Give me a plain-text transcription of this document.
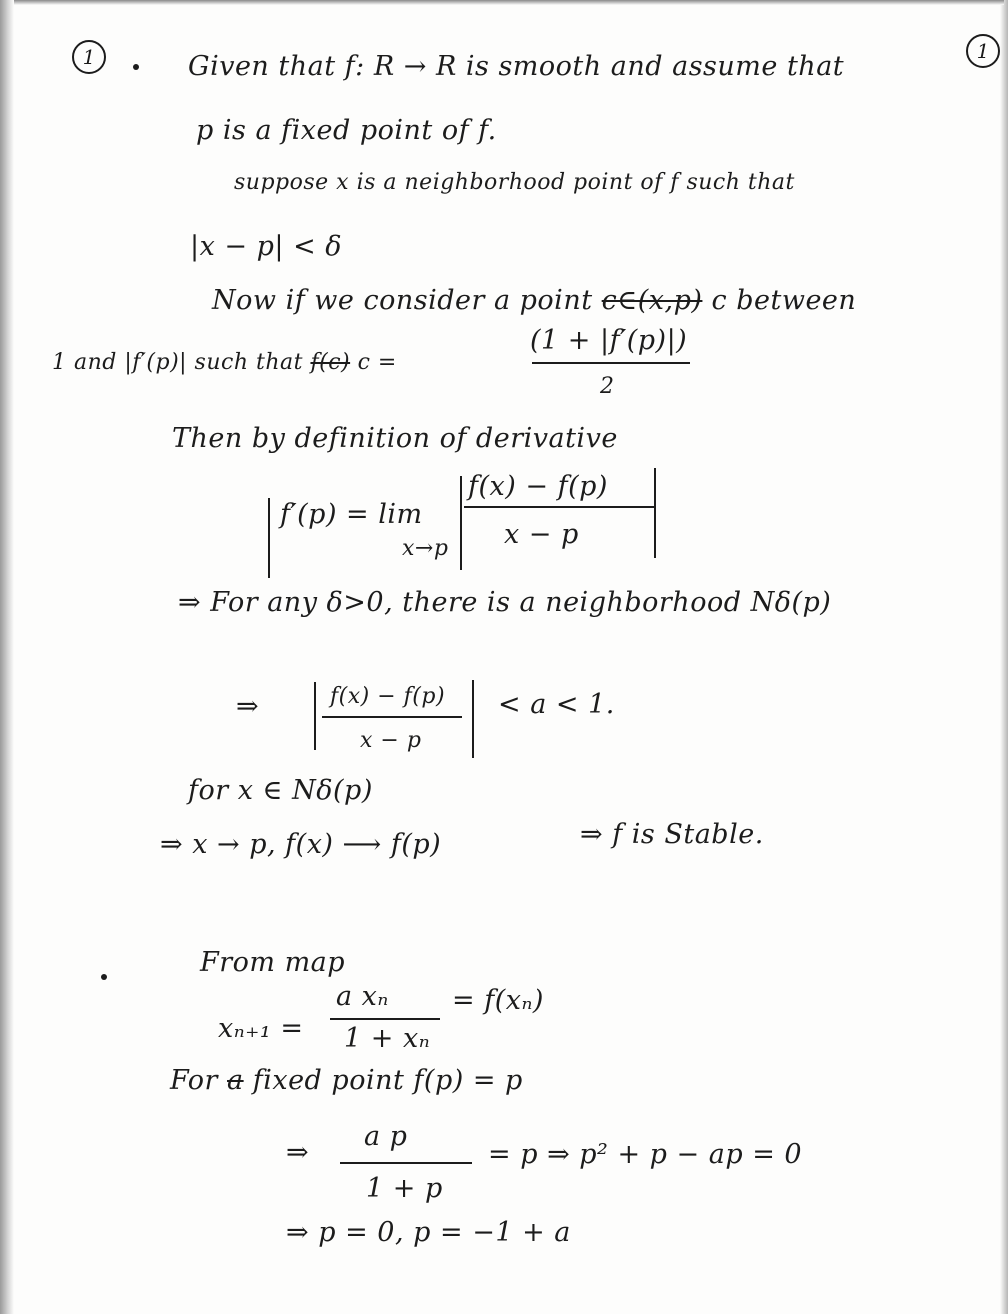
1	1
Given that f: R → R is smooth and assume that
p is a fixed point of f.
suppose x is a neighborhood point of f such that
|x − p| < δ
Now if we consider a point c∈(x,p) c between
1 and |f′(p)| such that f(c) c =
(1 + |f′(p)|)
2
Then by definition of derivative
f′(p) = lim
x→p
f(x) − f(p)
x − p
⇒ For any δ>0, there is a neighborhood Nδ(p)
⇒	f(x) − f(p)
x − p
< a < 1.
for x ∈ Nδ(p)
⇒ x → p, f(x) ⟶ f(p)	⇒ f is Stable.
From map
xₙ₊₁ =
a xₙ
1 + xₙ
= f(xₙ)
For a fixed point f(p) = p
⇒
a p
1 + p
= p ⇒ p² + p − ap = 0
⇒ p = 0, p = −1 + a
